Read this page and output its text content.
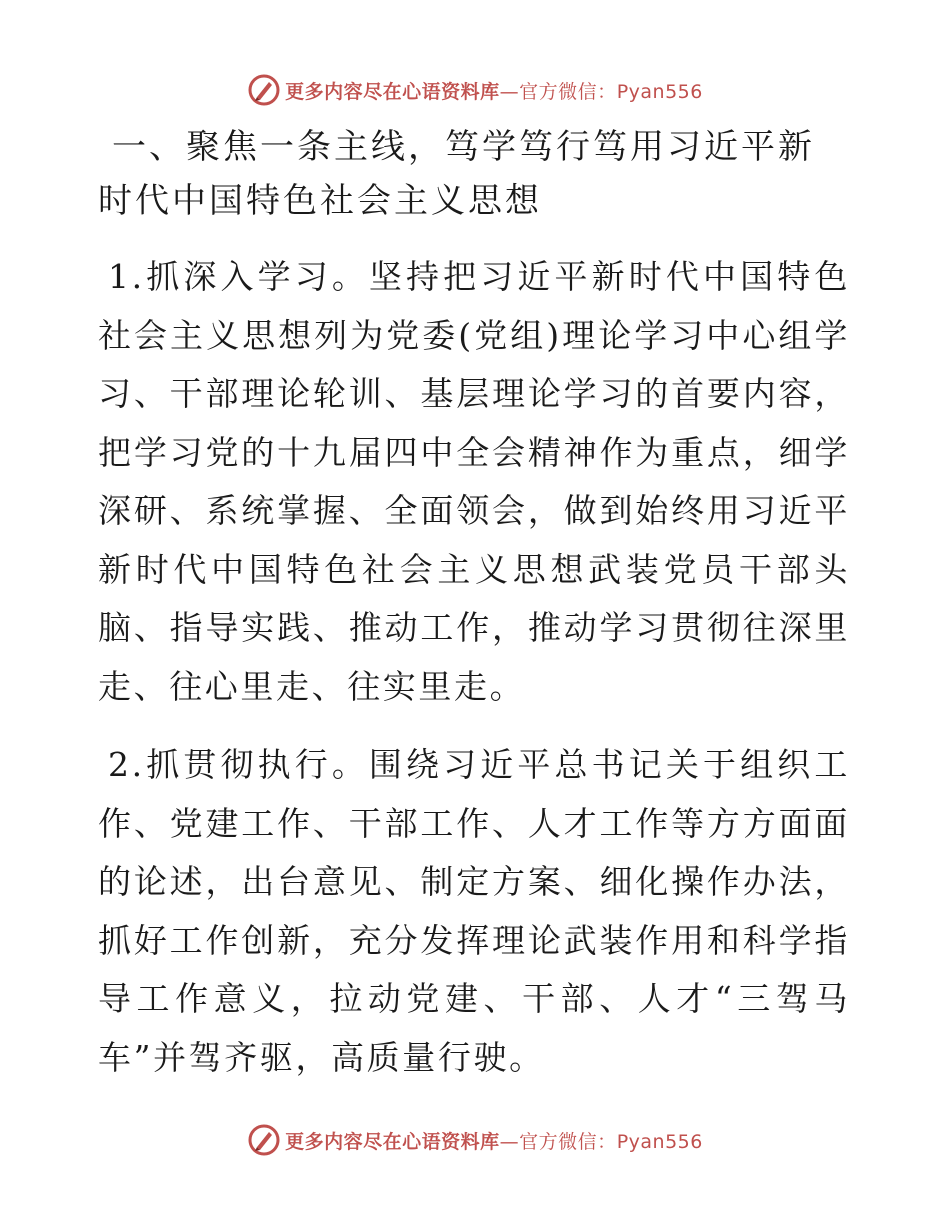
更多内容尽在心语资料库—官方微信：Pyan556
一、聚焦一条主线，笃学笃行笃用习近平新时代中国特色社会主义思想

1.抓深入学习。坚持把习近平新时代中国特色社会主义思想列为党委(党组)理论学习中心组学习、干部理论轮训、基层理论学习的首要内容，把学习党的十九届四中全会精神作为重点，细学深研、系统掌握、全面领会，做到始终用习近平新时代中国特色社会主义思想武装党员干部头脑、指导实践、推动工作，推动学习贯彻往深里走、往心里走、往实里走。

2.抓贯彻执行。围绕习近平总书记关于组织工作、党建工作、干部工作、人才工作等方方面面的论述，出台意见、制定方案、细化操作办法，抓好工作创新，充分发挥理论武装作用和科学指导工作意义，拉动党建、干部、人才“三驾马车”并驾齐驱，高质量行驶。

更多内容尽在心语资料库—官方微信：Pyan556
